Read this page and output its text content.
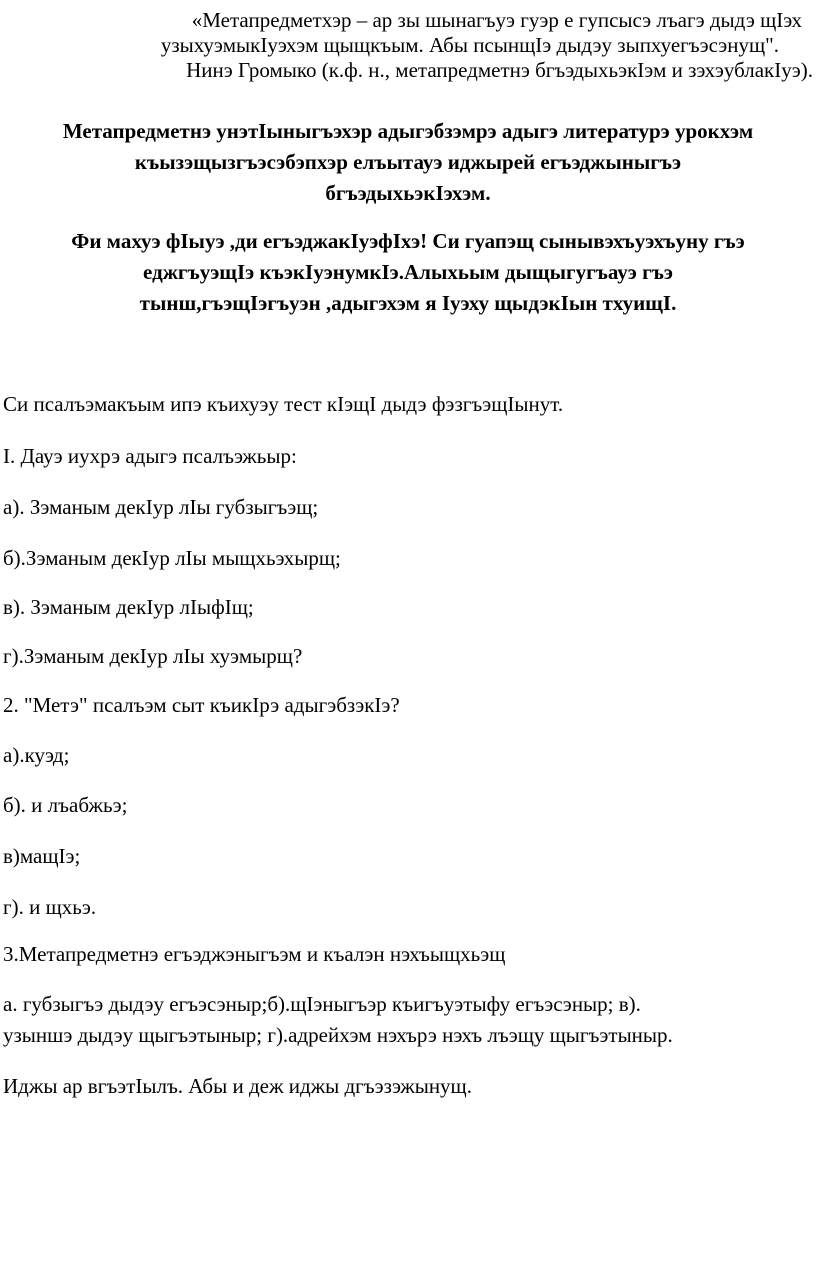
«Метапредметхэр – ар зы шынагъуэ гуэр е гупсысэ лъагэ дыдэ щIэх
узыхуэмыкIуэхэм щыщкъым. Абы псынщIэ дыдэу зыпхуегъэсэнущ".
Нинэ Громыко (к.ф. н., метапредметнэ бгъэдыхьэкIэм и зэхэублакIуэ).
Метапредметнэ унэтIыныгъэхэр адыгэбзэмрэ адыгэ литературэ урокхэм
къызэщызгъэсэбэпхэр елъытауэ иджырей егъэджыныгъэ
бгъэдыхьэкIэхэм.
Фи махуэ фIыуэ ,ди егъэджакIуэфIхэ! Си гуапэщ сынывэхъуэхъуну гъэ
еджгъуэщIэ къэкIуэнумкIэ.Алыхьым дыщыгугъауэ гъэ
тынш,гъэщIэгъуэн ,адыгэхэм я Iуэху щыдэкIын тхуищI.
Си псалъэмакъым ипэ къихуэу тест кIэщI дыдэ фэзгъэщIынут.
I. Дауэ иухрэ адыгэ псалъэжьыр:
а). Зэманым декIур лIы губзыгъэщ;
б).Зэманым декIур лIы мыщхьэхырщ;
в). Зэманым декIур лIыфIщ;
г).Зэманым декIур лIы хуэмырщ?
2. "Метэ" псалъэм сыт къикIрэ адыгэбзэкIэ?
а).куэд;
б). и лъабжьэ;
в)мащIэ;
г). и щхьэ.
3.Метапредметнэ егъэджэныгъэм и къалэн нэхъыщхьэщ
а. губзыгъэ дыдэу егъэсэныр;б).щIэныгъэр къигъуэтыфу егъэсэныр; в).
узыншэ дыдэу щыгъэтыныр; г).адрейхэм нэхърэ нэхъ лъэщу щыгъэтыныр.
Иджы ар вгъэтIылъ. Абы и деж иджы дгъэзэжынущ.
